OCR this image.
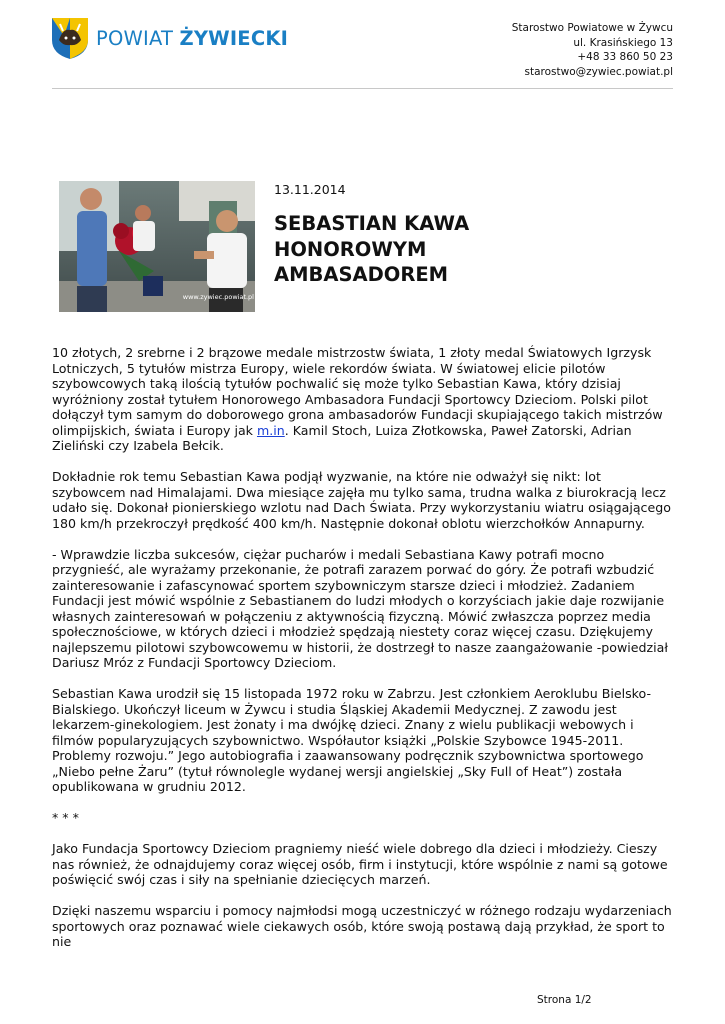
POWIAT ŻYWIECKI	Starostwo Powiatowe w Żywcu
ul. Krasińskiego 13
+48 33 860 50 23
starostwo@zywiec.powiat.pl
www.zywiec.powiat.pl
13.11.2014
SEBASTIAN KAWA HONOROWYM AMBASADOREM

10 złotych, 2 srebrne i 2 brązowe medale mistrzostw świata, 1 złoty medal Światowych Igrzysk Lotniczych, 5 tytułów mistrza Europy, wiele rekordów świata. W światowej elicie pilotów szybowcowych taką ilością tytułów pochwalić się może tylko Sebastian Kawa, który dzisiaj wyróżniony został tytułem Honorowego Ambasadora Fundacji Sportowcy Dzieciom. Polski pilot dołączył tym samym do doborowego grona ambasadorów Fundacji skupiającego takich mistrzów olimpijskich, świata i Europy jak m.in. Kamil Stoch, Luiza Złotkowska, Paweł Zatorski, Adrian Zieliński czy Izabela Bełcik.

Dokładnie rok temu Sebastian Kawa podjął wyzwanie, na które nie odważył się nikt: lot szybowcem nad Himalajami. Dwa miesiące zajęła mu tylko sama, trudna walka z biurokracją lecz udało się. Dokonał pionierskiego wzlotu nad Dach Świata. Przy wykorzystaniu wiatru osiągającego 180 km/h przekroczył prędkość 400 km/h. Następnie dokonał oblotu wierzchołków Annapurny.

- Wprawdzie liczba sukcesów, ciężar pucharów i medali Sebastiana Kawy potrafi mocno przygnieść, ale wyrażamy przekonanie, że potrafi zarazem porwać do góry. Że potrafi wzbudzić zainteresowanie i zafascynować sportem szybowniczym starsze dzieci i młodzież. Zadaniem Fundacji jest mówić wspólnie z Sebastianem do ludzi młodych o korzyściach jakie daje rozwijanie własnych zainteresowań w połączeniu z aktywnością fizyczną. Mówić zwłaszcza poprzez media społecznościowe, w których dzieci i młodzież spędzają niestety coraz więcej czasu. Dziękujemy najlepszemu pilotowi szybowcowemu w historii, że dostrzegł to nasze zaangażowanie -powiedział Dariusz Mróz z Fundacji Sportowcy Dzieciom.

Sebastian Kawa urodził się 15 listopada 1972 roku w Zabrzu. Jest członkiem Aeroklubu Bielsko-Bialskiego. Ukończył liceum w Żywcu i studia Śląskiej Akademii Medycznej. Z zawodu jest lekarzem-ginekologiem. Jest żonaty i ma dwójkę dzieci. Znany z wielu publikacji webowych i filmów popularyzujących szybownictwo. Współautor książki „Polskie Szybowce 1945-2011. Problemy rozwoju.” Jego autobiografia i zaawansowany podręcznik szybownictwa sportowego „Niebo pełne Żaru” (tytuł równolegle wydanej wersji angielskiej „Sky Full of Heat”) została opublikowana w grudniu 2012.

* * *

Jako Fundacja Sportowcy Dzieciom pragniemy nieść wiele dobrego dla dzieci i młodzieży. Cieszy nas również, że odnajdujemy coraz więcej osób, firm i instytucji, które wspólnie z nami są gotowe poświęcić swój czas i siły na spełnianie dziecięcych marzeń.

Dzięki naszemu wsparciu i pomocy najmłodsi mogą uczestniczyć w różnego rodzaju wydarzeniach sportowych oraz poznawać wiele ciekawych osób, które swoją postawą dają przykład, że sport to nie

Strona 1/2
